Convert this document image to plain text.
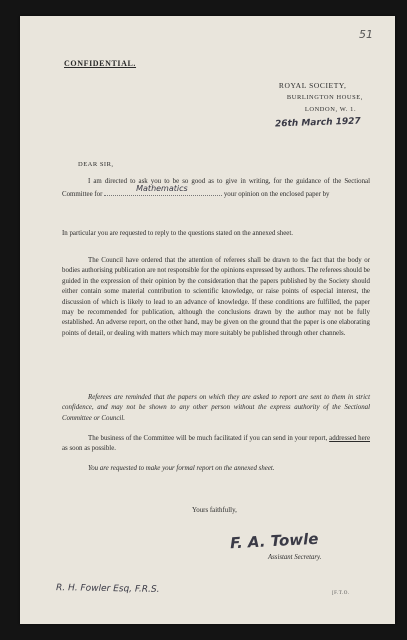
51
CONFIDENTIAL.
ROYAL SOCIETY,
BURLINGTON HOUSE,
LONDON, W. 1.
26th March 1927
DEAR SIR,
I am directed to ask you to be so good as to give in writing, for the guidance of the Sectional Committee for
Mathematics
your opinion on the enclosed paper by
In particular you are requested to reply to the questions stated on the annexed sheet.
The Council have ordered that the attention of referees shall be drawn to the fact that the body or bodies authorising publication are not responsible for the opinions expressed by authors. The referees should be guided in the expression of their opinion by the consideration that the papers published by the Society should either contain some material contribution to scientific knowledge, or raise points of especial interest, the discussion of which is likely to lead to an advance of knowledge. If these conditions are fulfilled, the paper may be recommended for publication, although the conclusions drawn by the author may not be fully established. An adverse report, on the other hand, may be given on the ground that the paper is one elaborating points of detail, or dealing with matters which may more suitably be published through other channels.
Referees are reminded that the papers on which they are asked to report are sent to them in strict confidence, and may not be shown to any other person without the express authority of the Sectional Committee or Council.
The business of the Committee will be much facilitated if you can send in your report, addressed here as soon as possible.
You are requested to make your formal report on the annexed sheet.
Yours faithfully,
F. A. Towle
Assistant Secretary.
R. H. Fowler Esq, F.R.S.	[F.T.O.
